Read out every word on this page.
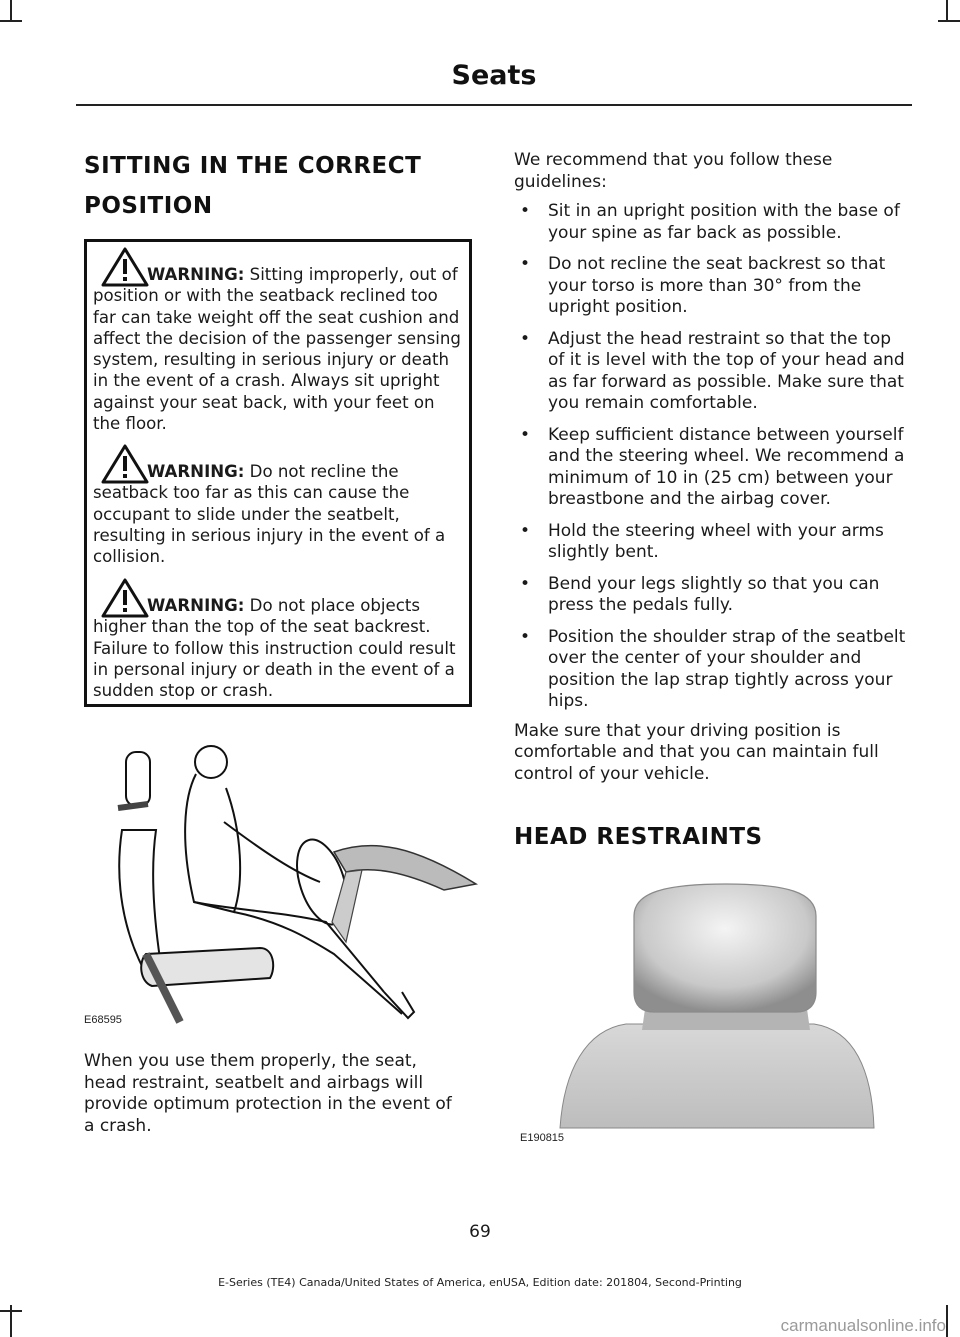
Seats
SITTING IN THE CORRECT
POSITION

WARNING: Sitting improperly, out of position or with the seatback reclined too far can take weight off the seat cushion and affect the decision of the passenger sensing system, resulting in serious injury or death in the event of a crash. Always sit upright against your seat back, with your feet on the floor.

WARNING: Do not recline the seatback too far as this can cause the occupant to slide under the seatbelt, resulting in serious injury in the event of a collision.

WARNING: Do not place objects higher than the top of the seat backrest. Failure to follow this instruction could result in personal injury or death in the event of a sudden stop or crash.

E68595

When you use them properly, the seat, head restraint, seatbelt and airbags will provide optimum protection in the event of a crash.

We recommend that you follow these guidelines:

• Sit in an upright position with the base of your spine as far back as possible.
• Do not recline the seat backrest so that your torso is more than 30° from the upright position.
• Adjust the head restraint so that the top of it is level with the top of your head and as far forward as possible. Make sure that you remain comfortable.
• Keep sufficient distance between yourself and the steering wheel. We recommend a minimum of 10 in (25 cm) between your breastbone and the airbag cover.
• Hold the steering wheel with your arms slightly bent.
• Bend your legs slightly so that you can press the pedals fully.
• Position the shoulder strap of the seatbelt over the center of your shoulder and position the lap strap tightly across your hips.

Make sure that your driving position is comfortable and that you can maintain full control of your vehicle.

HEAD RESTRAINTS
E190815
69
E-Series (TE4) Canada/United States of America, enUSA, Edition date: 201804, Second-Printing
carmanualsonline.info
